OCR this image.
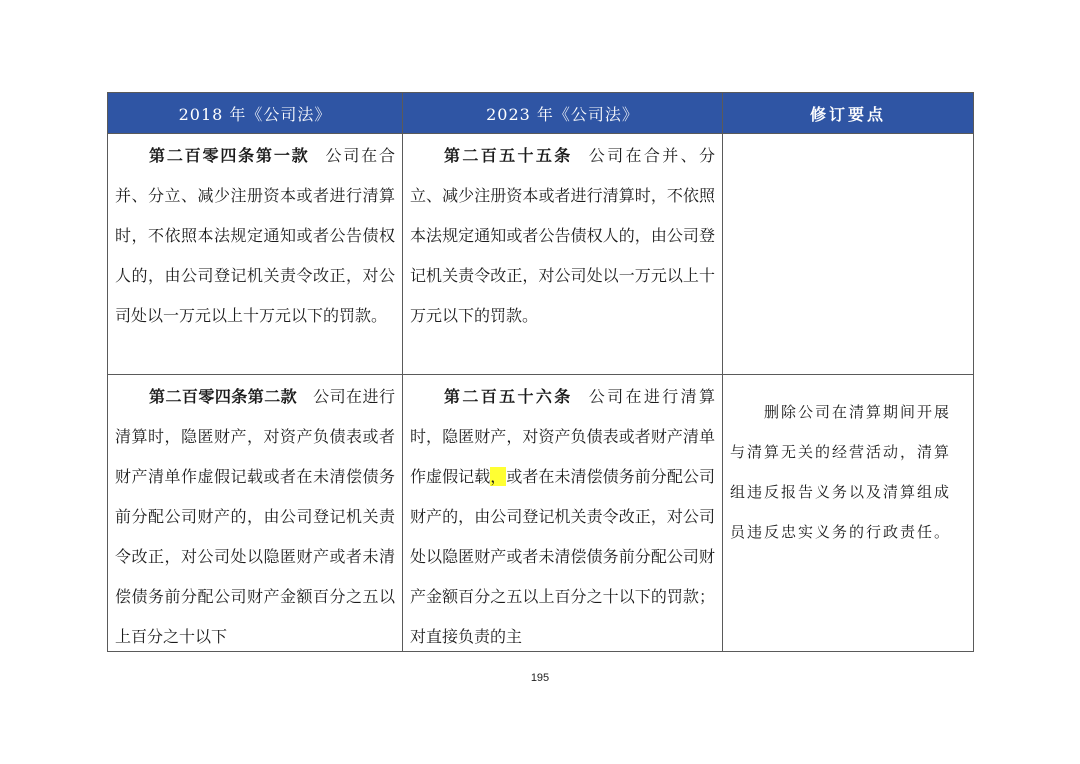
2018 年《公司法》	2023 年《公司法》	修订要点

第二百零四条第一款 公司在合并、分立、减少注册资本或者进行清算时，不依照本法规定通知或者公告债权人的，由公司登记机关责令改正，对公司处以一万元以上十万元以下的罚款。	第二百五十五条 公司在合并、分立、减少注册资本或者进行清算时，不依照本法规定通知或者公告债权人的，由公司登记机关责令改正，对公司处以一万元以上十万元以下的罚款。	

第二百零四条第二款 公司在进行清算时，隐匿财产，对资产负债表或者财产清单作虚假记载或者在未清偿债务前分配公司财产的，由公司登记机关责令改正，对公司处以隐匿财产或者未清偿债务前分配公司财产金额百分之五以上百分之十以下	第二百五十六条 公司在进行清算时，隐匿财产，对资产负债表或者财产清单作虚假记载，或者在未清偿债务前分配公司财产的，由公司登记机关责令改正，对公司处以隐匿财产或者未清偿债务前分配公司财产金额百分之五以上百分之十以下的罚款；对直接负责的主	删除公司在清算期间开展与清算无关的经营活动，清算组违反报告义务以及清算组成员违反忠实义务的行政责任。

195
